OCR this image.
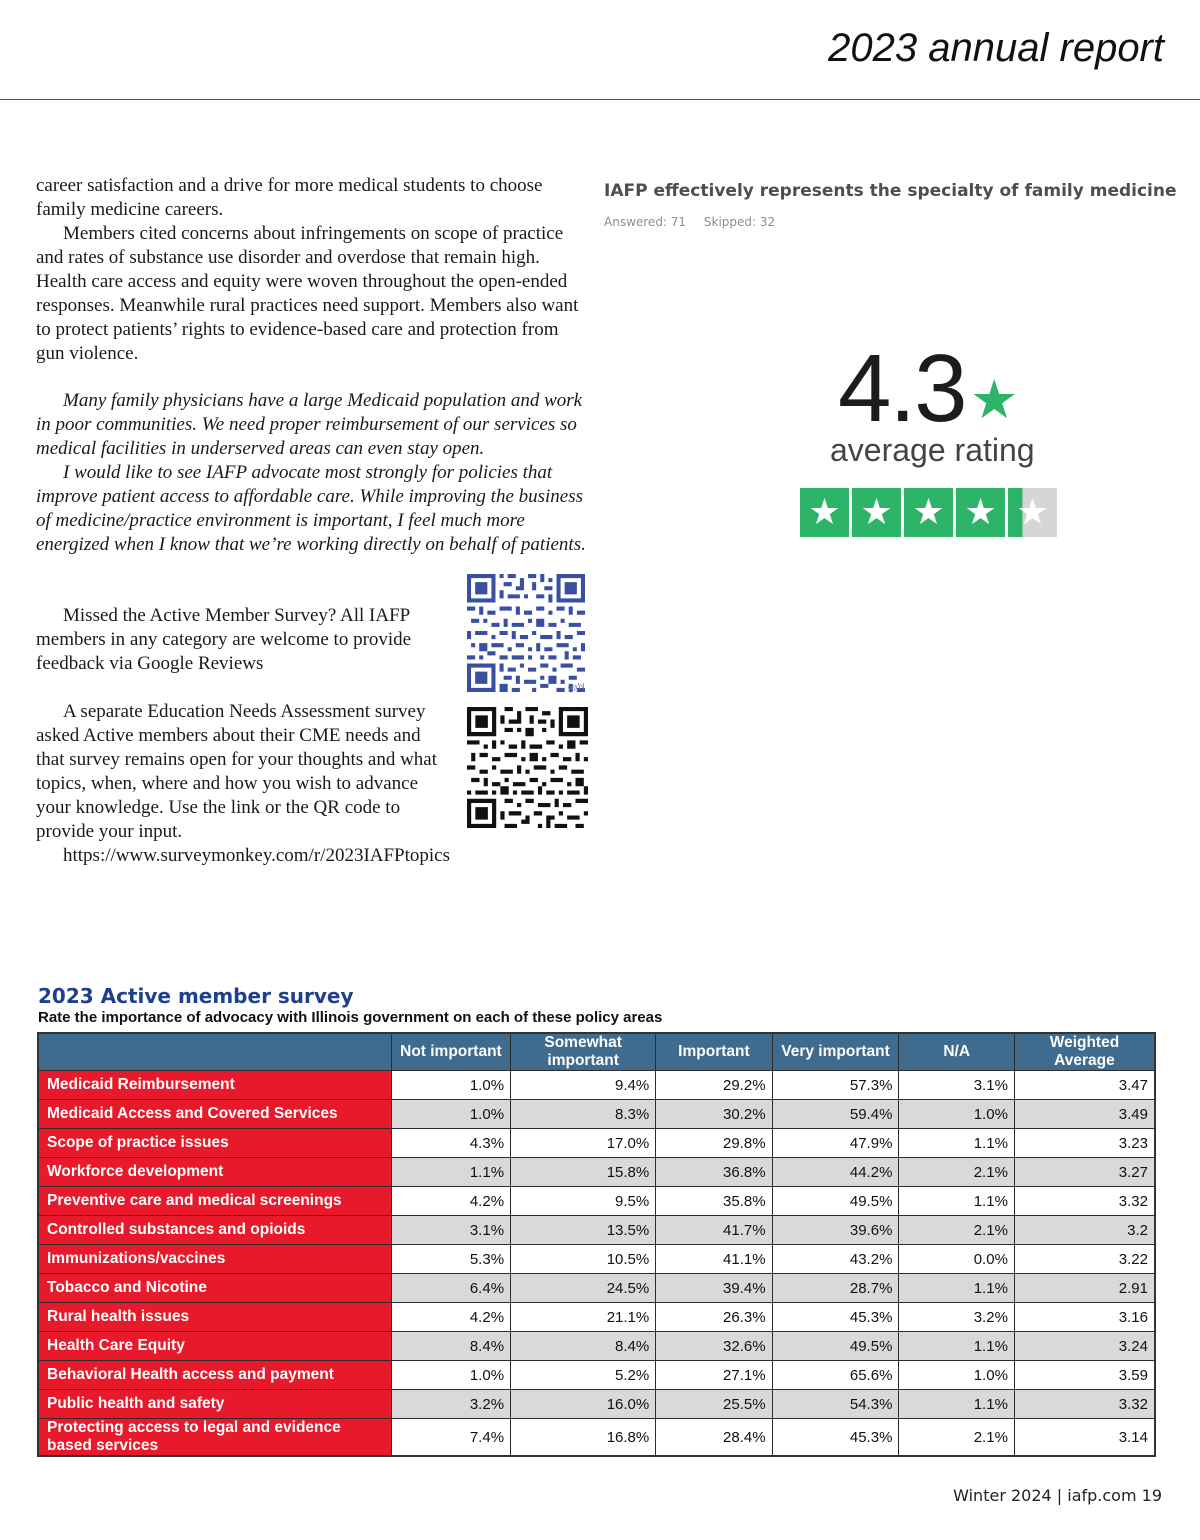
2023 annual report

career satisfaction and a drive for more medical students to choose family medicine careers.

Members cited concerns about infringements on scope of practice and rates of substance use disorder and overdose that remain high. Health care access and equity were woven throughout the open-ended responses. Meanwhile rural practices need support. Members also want to protect patients’ rights to evidence-based care and protection from gun violence.

Many family physicians have a large Medicaid population and work in poor communities. We need proper reimbursement of our services so medical facilities in underserved areas can even stay open.

I would like to see IAFP advocate most strongly for policies that improve patient access to affordable care. While improving the business of medicine/practice environment is important, I feel much more energized when I know that we’re working directly on behalf of patients.

Missed the Active Member Survey? All IAFP members in any category are welcome to provide feedback via Google Reviews

A separate Education Needs Assessment survey asked Active members about their CME needs and that survey remains open for your thoughts and what topics, when, where and how you wish to advance your knowledge. Use the link or the QR code to provide your input.

https://www.surveymonkey.com/r/2023IAFPtopics

bitly
IAFP effectively represents the specialty of family medicine
Answered: 71 Skipped: 32
4.3 ★
average rating
★ ★ ★ ★ ★
2023 Active member survey
Rate the importance of advocacy with Illinois government on each of these policy areas
	Not important	Somewhat important	Important	Very important	N/A	Weighted Average
Medicaid Reimbursement	1.0%	9.4%	29.2%	57.3%	3.1%	3.47
Medicaid Access and Covered Services	1.0%	8.3%	30.2%	59.4%	1.0%	3.49
Scope of practice issues	4.3%	17.0%	29.8%	47.9%	1.1%	3.23
Workforce development	1.1%	15.8%	36.8%	44.2%	2.1%	3.27
Preventive care and medical screenings	4.2%	9.5%	35.8%	49.5%	1.1%	3.32
Controlled substances and opioids	3.1%	13.5%	41.7%	39.6%	2.1%	3.2
Immunizations/vaccines	5.3%	10.5%	41.1%	43.2%	0.0%	3.22
Tobacco and Nicotine	6.4%	24.5%	39.4%	28.7%	1.1%	2.91
Rural health issues	4.2%	21.1%	26.3%	45.3%	3.2%	3.16
Health Care Equity	8.4%	8.4%	32.6%	49.5%	1.1%	3.24
Behavioral Health access and payment	1.0%	5.2%	27.1%	65.6%	1.0%	3.59
Public health and safety	3.2%	16.0%	25.5%	54.3%	1.1%	3.32
Protecting access to legal and evidence based services	7.4%	16.8%	28.4%	45.3%	2.1%	3.14
Winter 2024 | iafp.com 19
